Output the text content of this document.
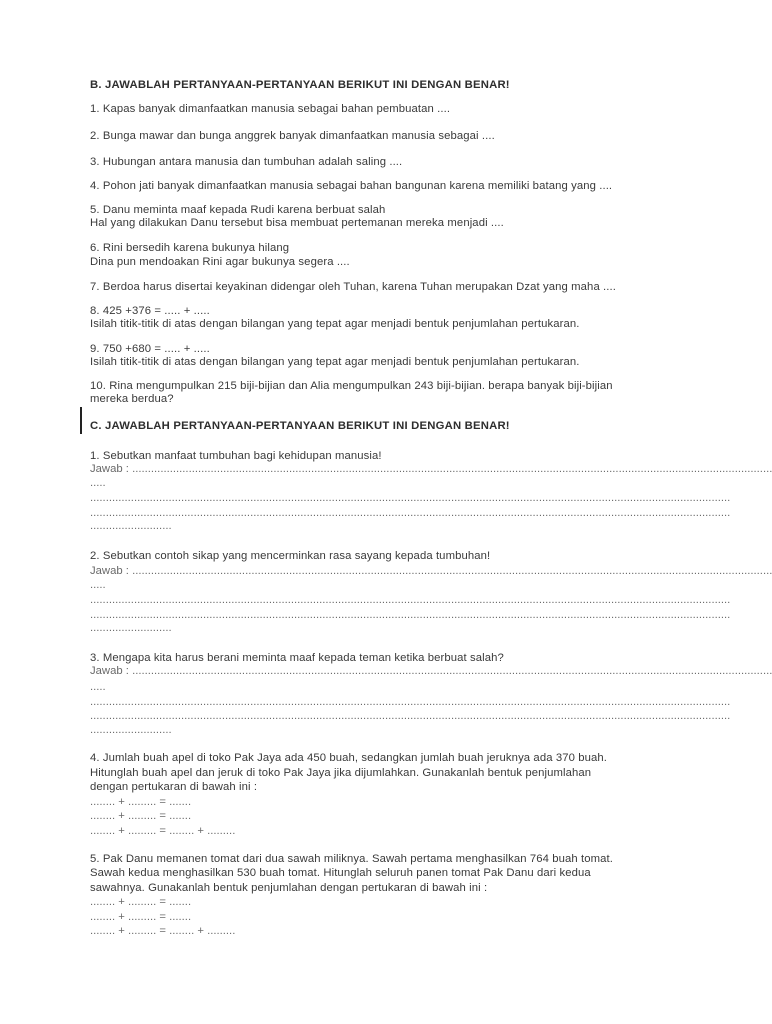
B. JAWABLAH PERTANYAAN-PERTANYAAN BERIKUT INI DENGAN BENAR!
1. Kapas banyak dimanfaatkan manusia sebagai bahan pembuatan ....
2. Bunga mawar dan bunga anggrek banyak dimanfaatkan manusia sebagai ....
3. Hubungan antara manusia dan tumbuhan adalah saling ....
4. Pohon jati banyak dimanfaatkan manusia sebagai bahan bangunan karena memiliki batang yang ....
5. Danu meminta maaf kepada Rudi karena berbuat salah
Hal yang dilakukan Danu tersebut bisa membuat pertemanan mereka menjadi ....
6. Rini bersedih karena bukunya hilang
Dina pun mendoakan Rini agar bukunya segera ....
7. Berdoa harus disertai keyakinan didengar oleh Tuhan, karena Tuhan merupakan Dzat yang maha ....
8. 425 +376 = ..... + .....
Isilah titik-titik di atas dengan bilangan yang tepat agar menjadi bentuk penjumlahan pertukaran.
9. 750 +680 = ..... + .....
Isilah titik-titik di atas dengan bilangan yang tepat agar menjadi bentuk penjumlahan pertukaran.
10. Rina mengumpulkan 215 biji-bijian dan Alia mengumpulkan 243 biji-bijian. berapa banyak biji-bijian
mereka berdua?
C. JAWABLAH PERTANYAAN-PERTANYAAN BERIKUT INI DENGAN BENAR!
1. Sebutkan manfaat tumbuhan bagi kehidupan manusia!
Jawab : ............................................................................................................................................................................................................
.....
............................................................................................................................................................................................................
............................................................................................................................................................................................................
..........................
2. Sebutkan contoh sikap yang mencerminkan rasa sayang kepada tumbuhan!
Jawab : ............................................................................................................................................................................................................
.....
............................................................................................................................................................................................................
............................................................................................................................................................................................................
..........................
3. Mengapa kita harus berani meminta maaf kepada teman ketika berbuat salah?
Jawab : ............................................................................................................................................................................................................
.....
............................................................................................................................................................................................................
............................................................................................................................................................................................................
..........................
4. Jumlah buah apel di toko Pak Jaya ada 450 buah, sedangkan jumlah buah jeruknya ada 370 buah.
Hitunglah buah apel dan jeruk di toko Pak Jaya jika dijumlahkan. Gunakanlah bentuk penjumlahan
dengan pertukaran di bawah ini :
........ + ......... = .......
........ + ......... = .......
........ + ......... = ........ + .........
5. Pak Danu memanen tomat dari dua sawah miliknya. Sawah pertama menghasilkan 764 buah tomat.
Sawah kedua menghasilkan 530 buah tomat. Hitunglah seluruh panen tomat Pak Danu dari kedua
sawahnya. Gunakanlah bentuk penjumlahan dengan pertukaran di bawah ini :
........ + ......... = .......
........ + ......... = .......
........ + ......... = ........ + .........
